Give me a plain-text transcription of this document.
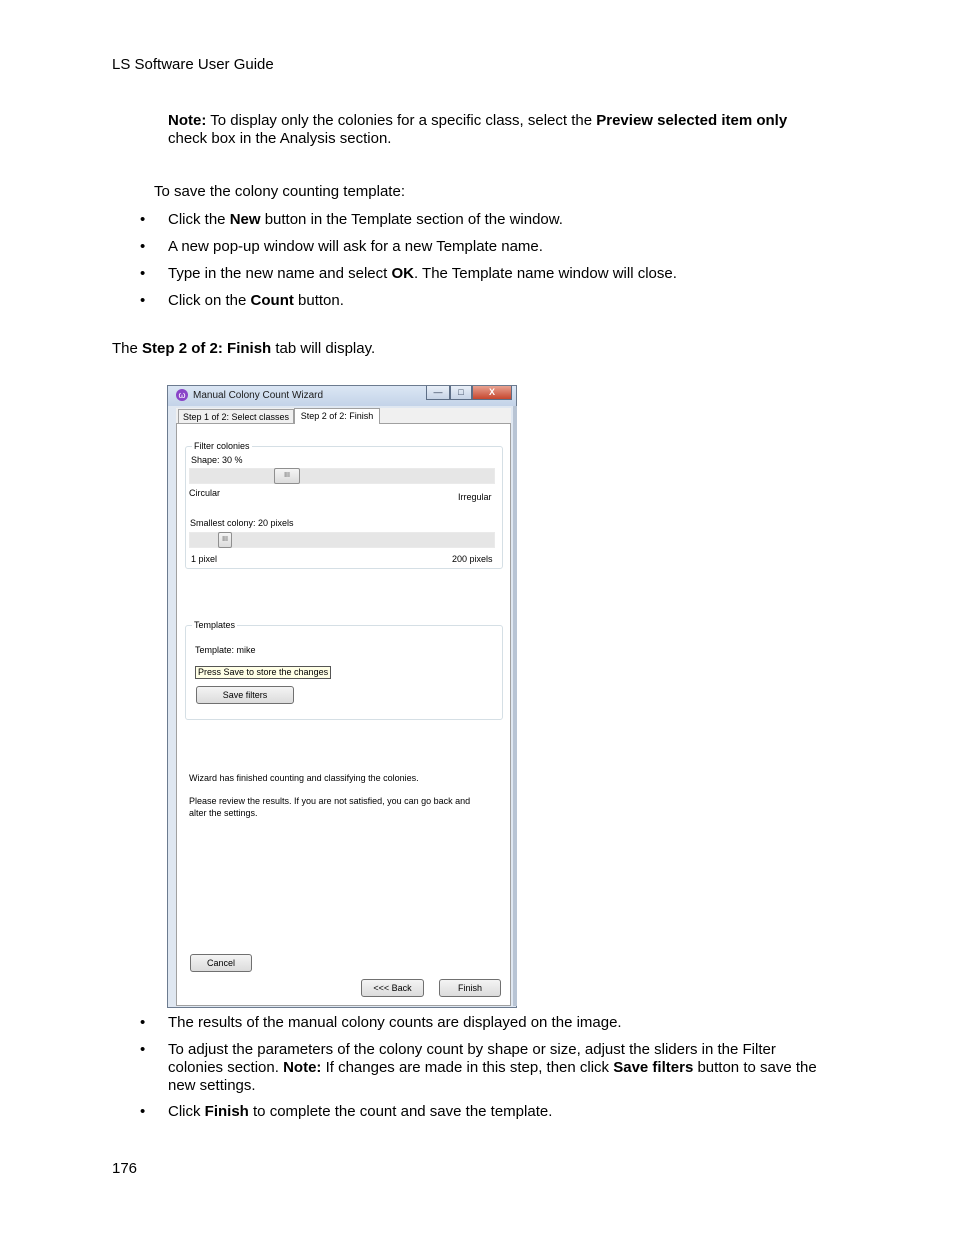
LS Software User Guide
Note: To display only the colonies for a specific class, select the Preview selected item only
check box in the Analysis section.
To save the colony counting template:
• Click the New button in the Template section of the window.
• A new pop-up window will ask for a new Template name.
• Type in the new name and select OK. The Template name window will close.
• Click on the Count button.
The Step 2 of 2: Finish tab will display.
ω Manual Colony Count Wizard	—	□	X
Step 1 of 2: Select classes	Step 2 of 2: Finish
Filter colonies
Shape: 30 %
III
Circular	Irregular
Smallest colony: 20 pixels
III
1 pixel	200 pixels
Templates
Template: mike
Press Save to store the changes
Save filters
Wizard has finished counting and classifying the colonies.
Please review the results. If you are not satisfied, you can go back and
alter the settings.
Cancel
<<< Back	Finish
• The results of the manual colony counts are displayed on the image.
• To adjust the parameters of the colony count by shape or size, adjust the sliders in the Filter colonies section. Note: If changes are made in this step, then click Save filters button to save the new settings.
• Click Finish to complete the count and save the template.
176
